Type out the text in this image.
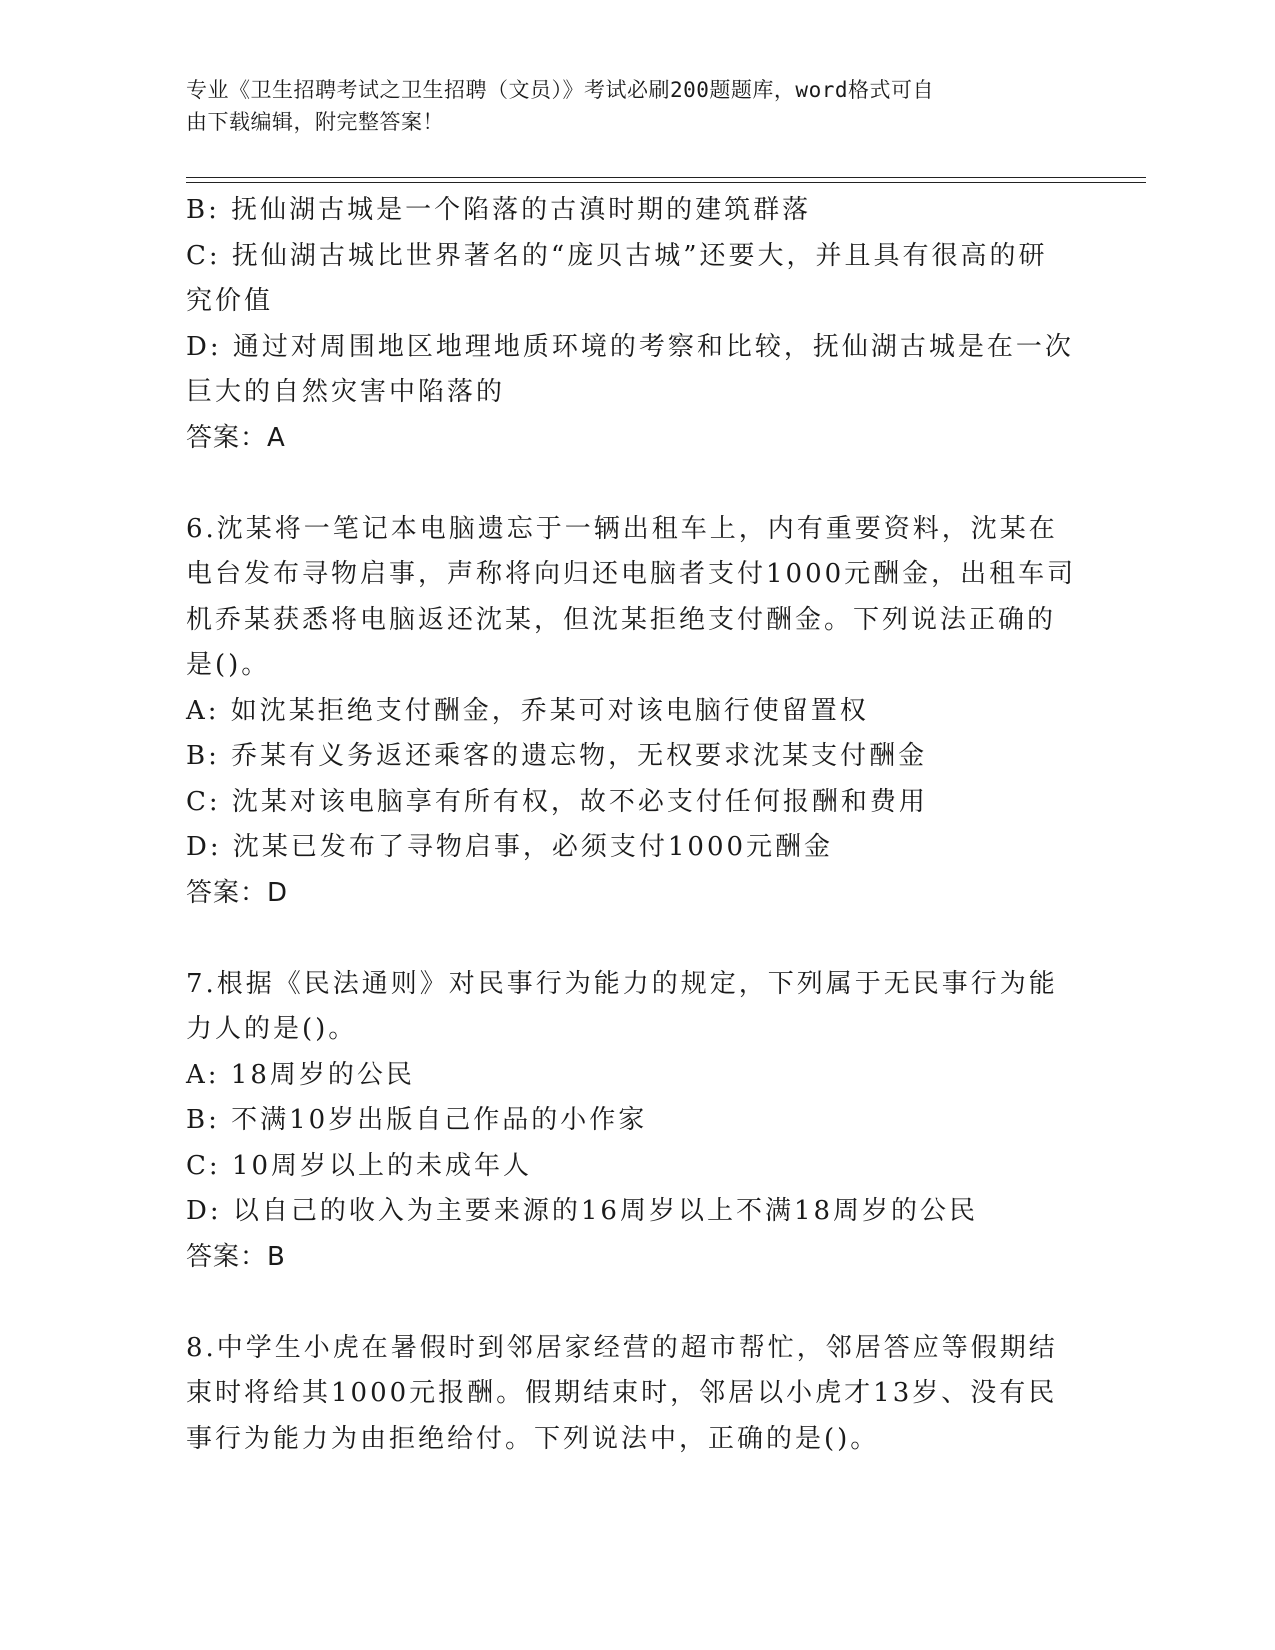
专业《卫生招聘考试之卫生招聘（文员）》考试必刷200题题库，word格式可自
由下载编辑，附完整答案！

B: 抚仙湖古城是一个陷落的古滇时期的建筑群落

C: 抚仙湖古城比世界著名的“庞贝古城”还要大，并且具有很高的研

究价值

D: 通过对周围地区地理地质环境的考察和比较，抚仙湖古城是在一次

巨大的自然灾害中陷落的

答案：A

6.沈某将一笔记本电脑遗忘于一辆出租车上，内有重要资料，沈某在

电台发布寻物启事，声称将向归还电脑者支付1000元酬金，出租车司

机乔某获悉将电脑返还沈某，但沈某拒绝支付酬金。下列说法正确的

是()。

A: 如沈某拒绝支付酬金，乔某可对该电脑行使留置权

B: 乔某有义务返还乘客的遗忘物，无权要求沈某支付酬金

C: 沈某对该电脑享有所有权，故不必支付任何报酬和费用

D: 沈某已发布了寻物启事，必须支付1000元酬金

答案：D

7.根据《民法通则》对民事行为能力的规定，下列属于无民事行为能

力人的是()。

A: 18周岁的公民

B: 不满10岁出版自己作品的小作家

C: 10周岁以上的未成年人

D: 以自己的收入为主要来源的16周岁以上不满18周岁的公民

答案：B

8.中学生小虎在暑假时到邻居家经营的超市帮忙，邻居答应等假期结

束时将给其1000元报酬。假期结束时，邻居以小虎才13岁、没有民

事行为能力为由拒绝给付。下列说法中，正确的是()。
